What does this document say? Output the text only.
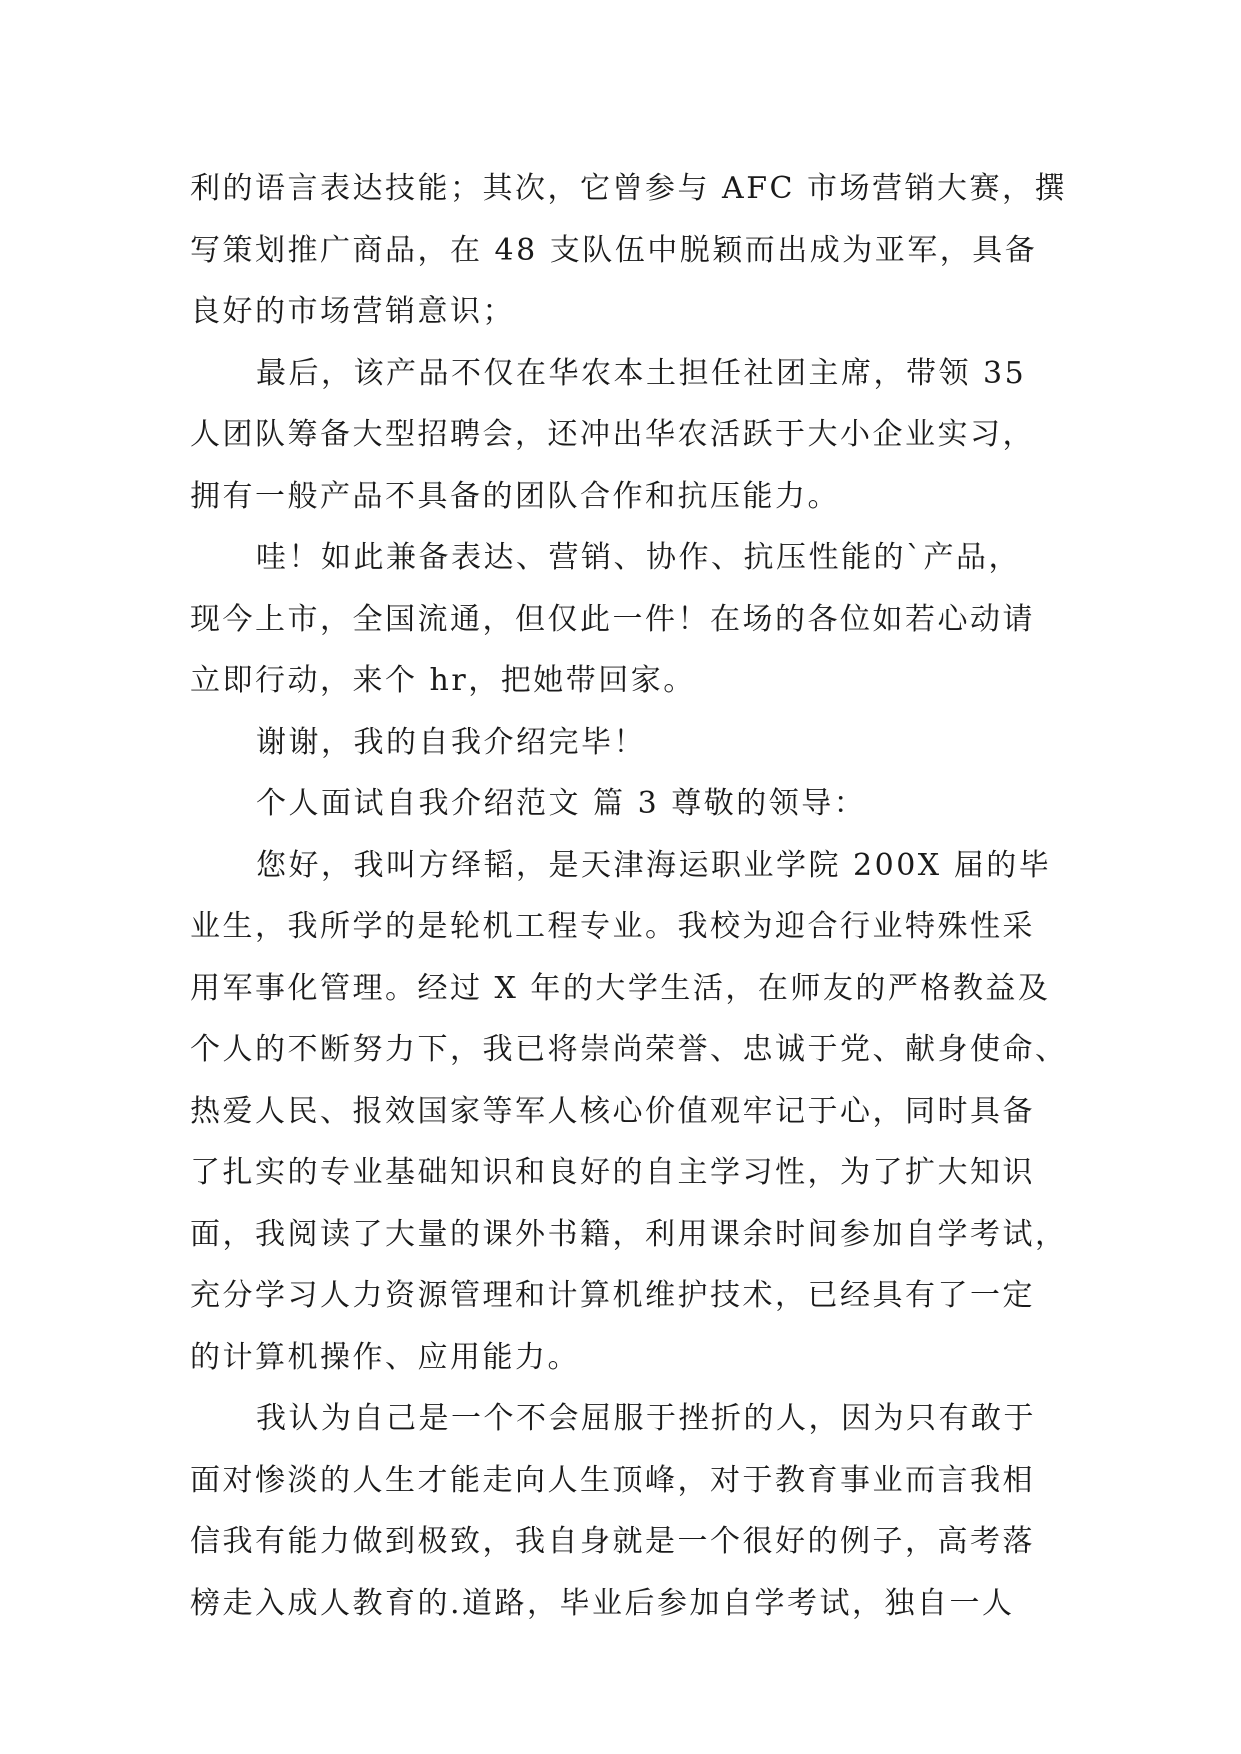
利的语言表达技能；其次，它曾参与 AFC 市场营销大赛，撰
写策划推广商品，在 48 支队伍中脱颖而出成为亚军，具备
良好的市场营销意识；
最后，该产品不仅在华农本土担任社团主席，带领 35
人团队筹备大型招聘会，还冲出华农活跃于大小企业实习，
拥有一般产品不具备的团队合作和抗压能力。
哇！如此兼备表达、营销、协作、抗压性能的`产品，
现今上市，全国流通，但仅此一件！在场的各位如若心动请
立即行动，来个 hr，把她带回家。
谢谢，我的自我介绍完毕！
个人面试自我介绍范文 篇 3 尊敬的领导：
您好，我叫方绎韬，是天津海运职业学院 200X 届的毕
业生，我所学的是轮机工程专业。我校为迎合行业特殊性采
用军事化管理。经过 X 年的大学生活，在师友的严格教益及
个人的不断努力下，我已将崇尚荣誉、忠诚于党、献身使命、
热爱人民、报效国家等军人核心价值观牢记于心，同时具备
了扎实的专业基础知识和良好的自主学习性，为了扩大知识
面，我阅读了大量的课外书籍，利用课余时间参加自学考试，
充分学习人力资源管理和计算机维护技术，已经具有了一定
的计算机操作、应用能力。
我认为自己是一个不会屈服于挫折的人，因为只有敢于
面对惨淡的人生才能走向人生顶峰，对于教育事业而言我相
信我有能力做到极致，我自身就是一个很好的例子，高考落
榜走入成人教育的.道路，毕业后参加自学考试，独自一人
